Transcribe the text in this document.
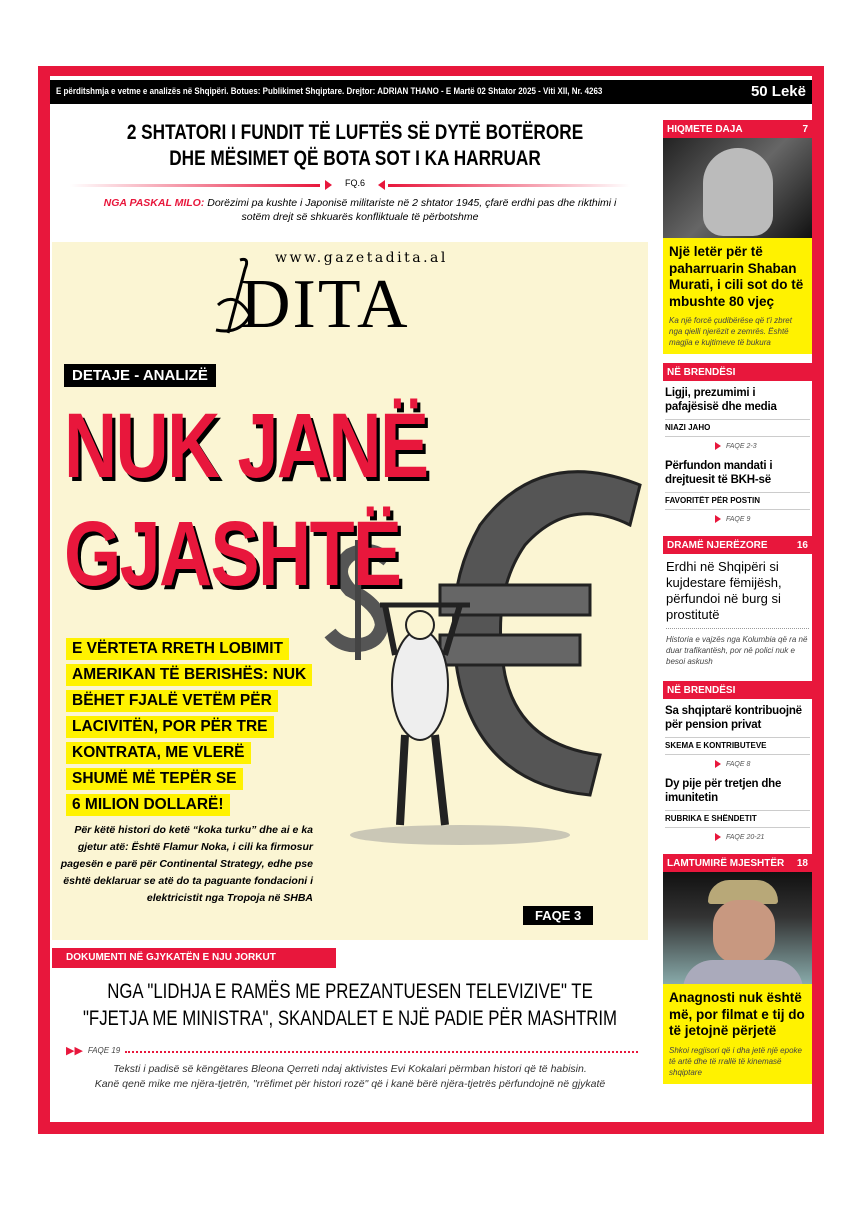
E përditshmja e vetme e analizës në Shqipëri. Botues: Publikimet Shqiptare. Drejtor: ADRIAN THANO - E Martë 02 Shtator 2025 - Viti XII, Nr. 4263	50 Lekë
2 SHTATORI I FUNDIT TË LUFTËS SË DYTË BOTËRORE
DHE MËSIMET QË BOTA SOT I KA HARRUAR
FQ.6
NGA PASKAL MILO: Dorëzimi pa kushte i Japonisë militariste në 2 shtator 1945, çfarë erdhi pas dhe rikthimi i sotëm drejt së shkuarës konfliktuale të përbotshme
www.gazetadita.al
DITA
DETAJE - ANALIZË
NUK JANË
GJASHTË
E VËRTETA RRETH LOBIMIT
AMERIKAN TË BERISHËS: NUK
BËHET FJALË VETËM PËR
LACIVITËN, POR PËR TRE
KONTRATA, ME VLERË
SHUMË MË TEPËR SE
6 MILION DOLLARË!
Për këtë histori do ketë “koka turku” dhe ai e ka gjetur atë: Është Flamur Noka, i cili ka firmosur pagesën e parë për Continental Strategy, edhe pse është deklaruar se atë do ta paguante fondacioni i elektricistit nga Tropoja në SHBA
FAQE 3
DOKUMENTI NË GJYKATËN E NJU JORKUT
NGA "LIDHJA E RAMËS ME PREZANTUESEN TELEVIZIVE" TE
"FJETJA ME MINISTRA", SKANDALET E NJË PADIE PËR MASHTRIM
▶▶ FAQE 19
Teksti i padisë së këngëtares Bleona Qerreti ndaj aktivistes Evi Kokalari përmban histori që të habisin.
Kanë qenë mike me njëra-tjetrën, "rrëfimet për histori rozë" që i kanë bërë njëra-tjetrës përfundojnë në gjykatë
HIQMETE DAJA	7
Një letër për të paharruarin Shaban Murati, i cili sot do të mbushte 80 vjeç

Ka një forcë çudibërëse që t'i zbret nga qielli njerëzit e zemrës. Është magjia e kujtimeve të bukura

NË BRENDËSI
Ligji, prezumimi i pafajësisë dhe media
NIAZI JAHO
FAQE 2-3
Përfundon mandati i drejtuesit të BKH-së
FAVORITËT PËR POSTIN
FAQE 9
DRAMË NJERËZORE	16
Erdhi në Shqipëri si kujdestare fëmijësh, përfundoi në burg si prostitutë

Historia e vajzës nga Kolumbia që ra në duar trafikantësh, por në polici nuk e besoi askush

NË BRENDËSI
Sa shqiptarë kontribuojnë për pension privat
SKEMA E KONTRIBUTEVE
FAQE 8
Dy pije për tretjen dhe imunitetin
RUBRIKA E SHËNDETIT
FAQE 20-21
LAMTUMIRË MJESHTËR 18
Anagnosti nuk është më, por filmat e tij do të jetojnë përjetë

Shkoi regjisori që i dha jetë një epoke të artë dhe të rrallë të kinemasë shqiptare
